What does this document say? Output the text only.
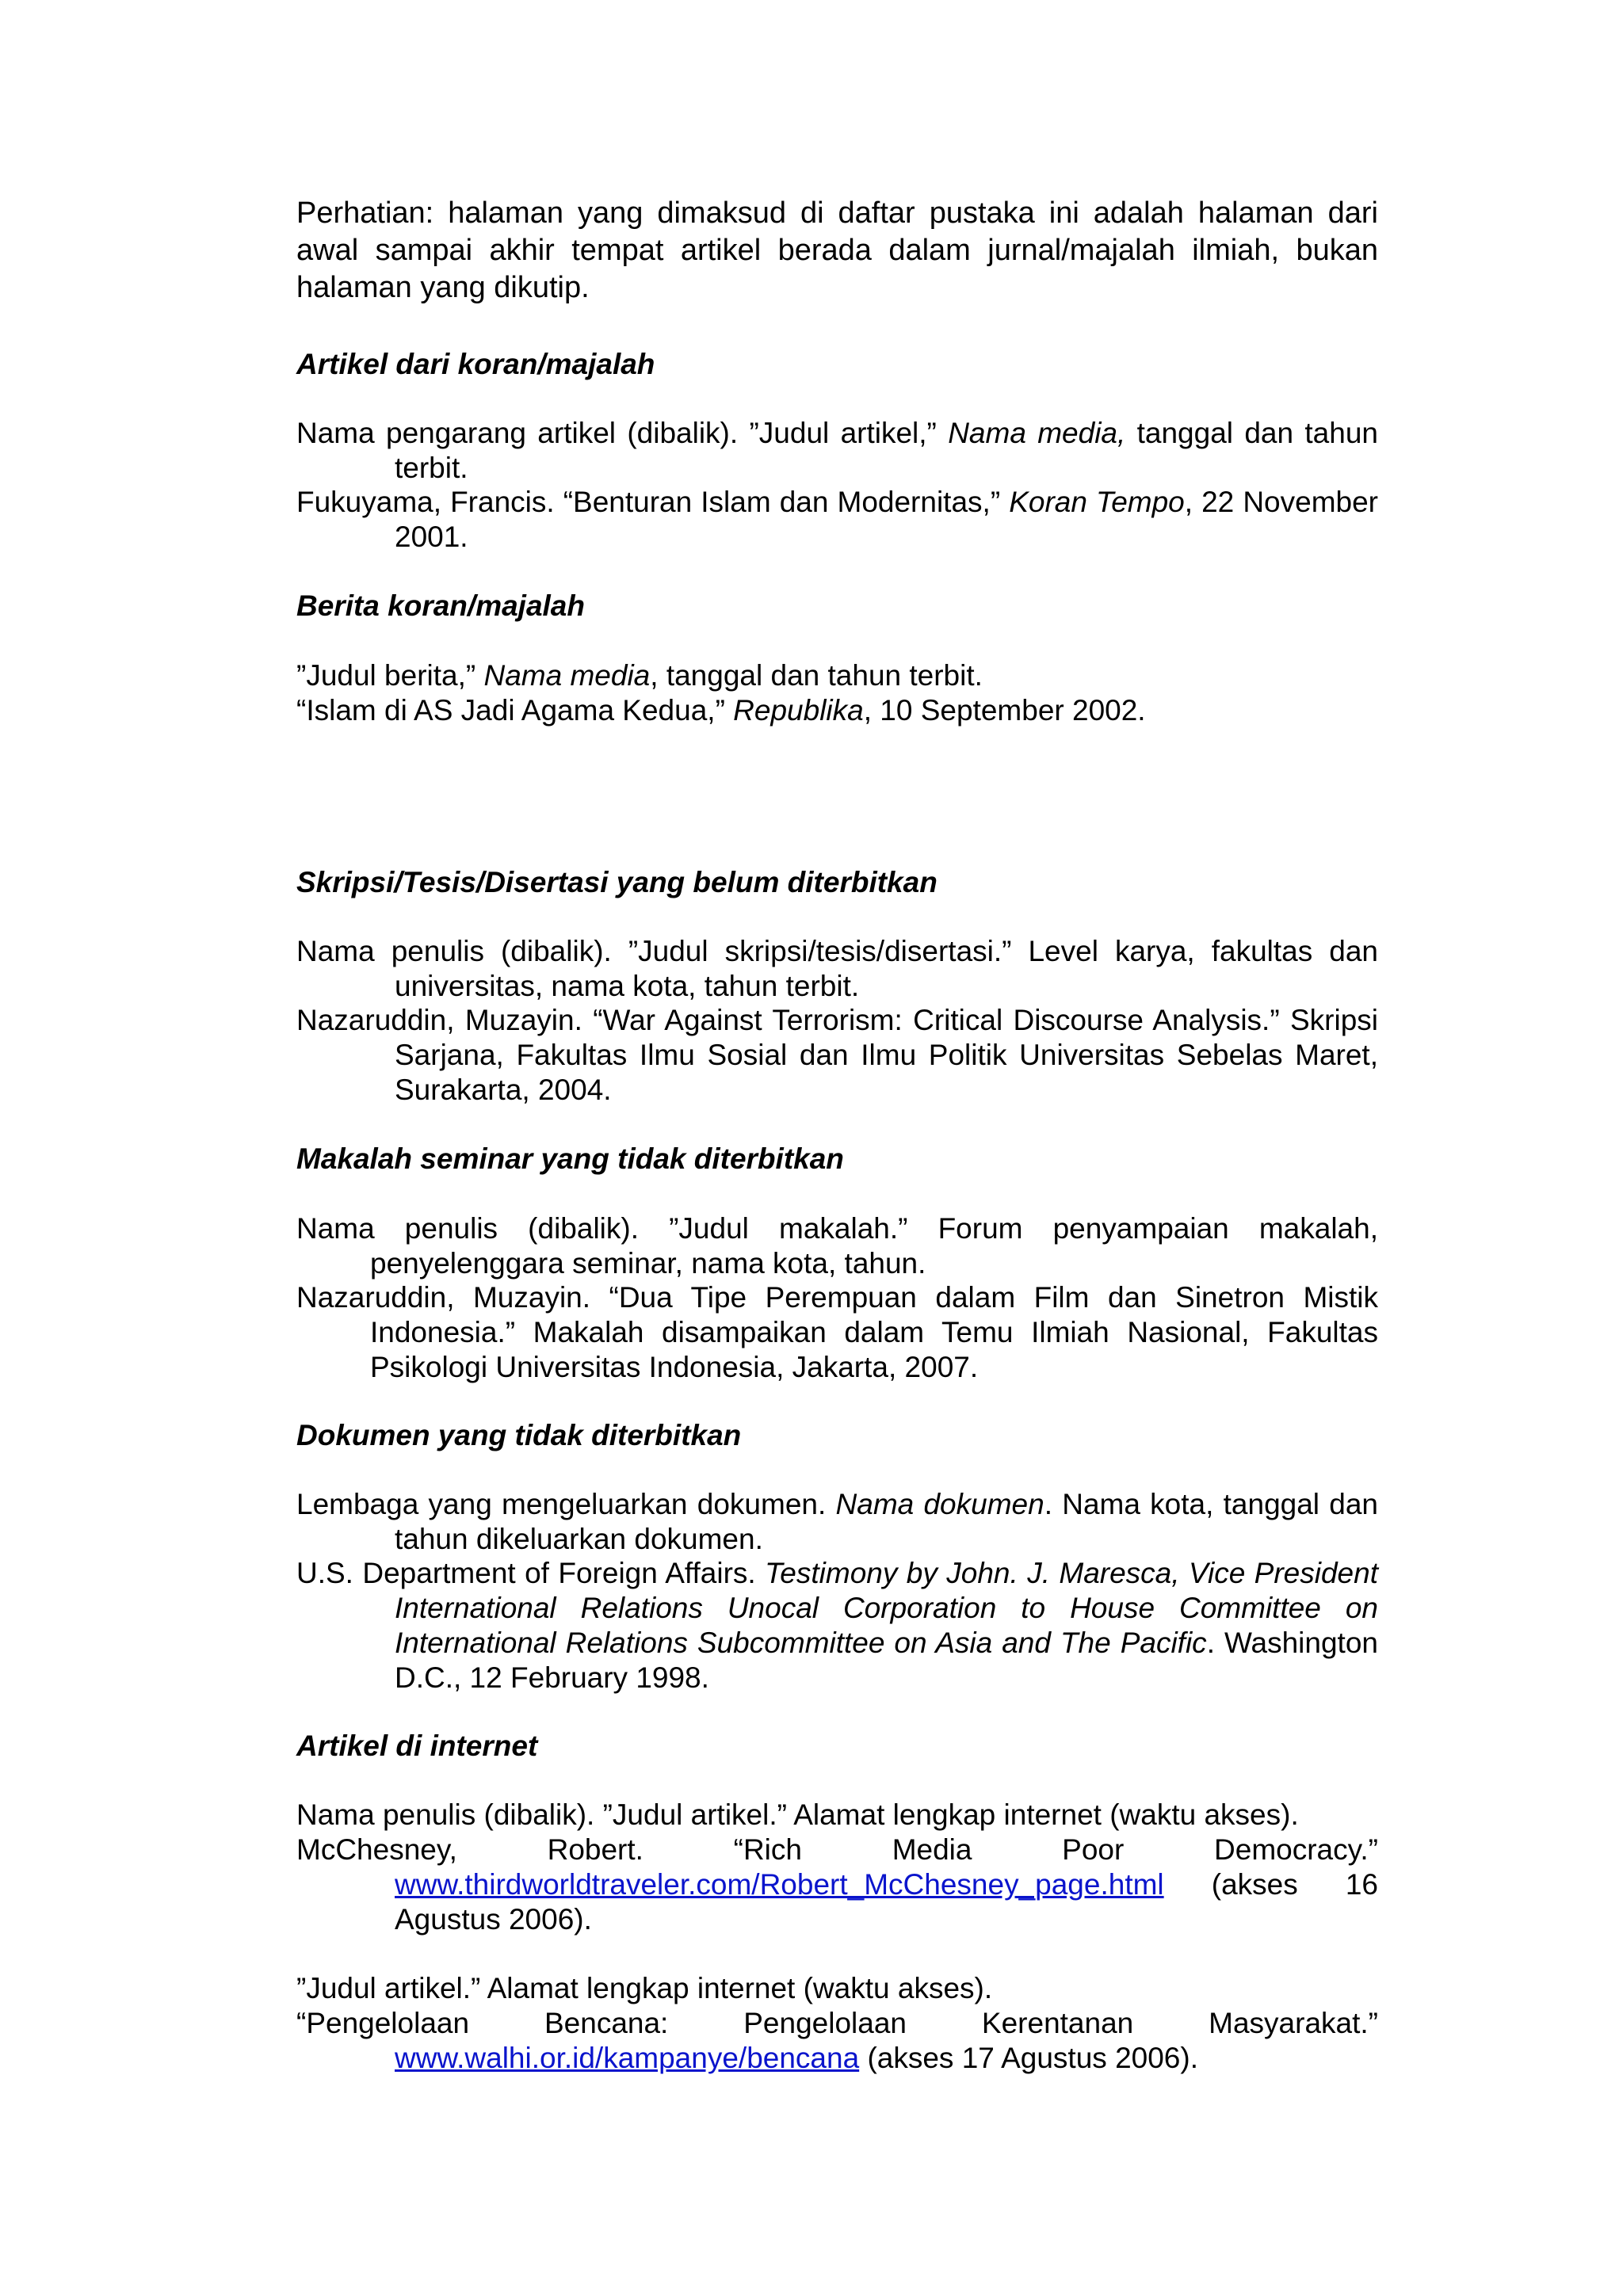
Perhatian: halaman yang dimaksud di daftar pustaka ini adalah halaman dari awal sampai akhir tempat artikel berada dalam jurnal/majalah ilmiah, bukan halaman yang dikutip.
Artikel dari koran/majalah
Nama pengarang artikel (dibalik). ”Judul artikel,” Nama media, tanggal dan tahun terbit.
Fukuyama, Francis. “Benturan Islam dan Modernitas,” Koran Tempo, 22 November 2001.
Berita koran/majalah
”Judul berita,” Nama media, tanggal dan tahun terbit.
“Islam di AS Jadi Agama Kedua,” Republika, 10 September 2002.
Skripsi/Tesis/Disertasi yang belum diterbitkan
Nama penulis (dibalik). ”Judul skripsi/tesis/disertasi.” Level karya, fakultas dan universitas, nama kota, tahun terbit.
Nazaruddin, Muzayin. “War Against Terrorism: Critical Discourse Analysis.” Skripsi Sarjana, Fakultas Ilmu Sosial dan Ilmu Politik Universitas Sebelas Maret, Surakarta, 2004.
Makalah seminar yang tidak diterbitkan
Nama penulis (dibalik). ”Judul makalah.” Forum penyampaian makalah, penyelenggara seminar, nama kota, tahun.
Nazaruddin, Muzayin. “Dua Tipe Perempuan dalam Film dan Sinetron Mistik Indonesia.” Makalah disampaikan dalam Temu Ilmiah Nasional, Fakultas Psikologi Universitas Indonesia, Jakarta, 2007.
Dokumen yang tidak diterbitkan
Lembaga yang mengeluarkan dokumen. Nama dokumen. Nama kota, tanggal dan tahun dikeluarkan dokumen.
U.S. Department of Foreign Affairs. Testimony by John. J. Maresca, Vice President International Relations Unocal Corporation to House Committee on International Relations Subcommittee on Asia and The Pacific. Washington D.C., 12 February 1998.
Artikel di internet
Nama penulis (dibalik). ”Judul artikel.” Alamat lengkap internet (waktu akses).
McChesney, Robert. “Rich Media Poor Democracy.” www.thirdworldtraveler.com/Robert_McChesney_page.html (akses 16 Agustus 2006).
”Judul artikel.” Alamat lengkap internet (waktu akses).
“Pengelolaan Bencana: Pengelolaan Kerentanan Masyarakat.” www.walhi.or.id/kampanye/bencana (akses 17 Agustus 2006).
